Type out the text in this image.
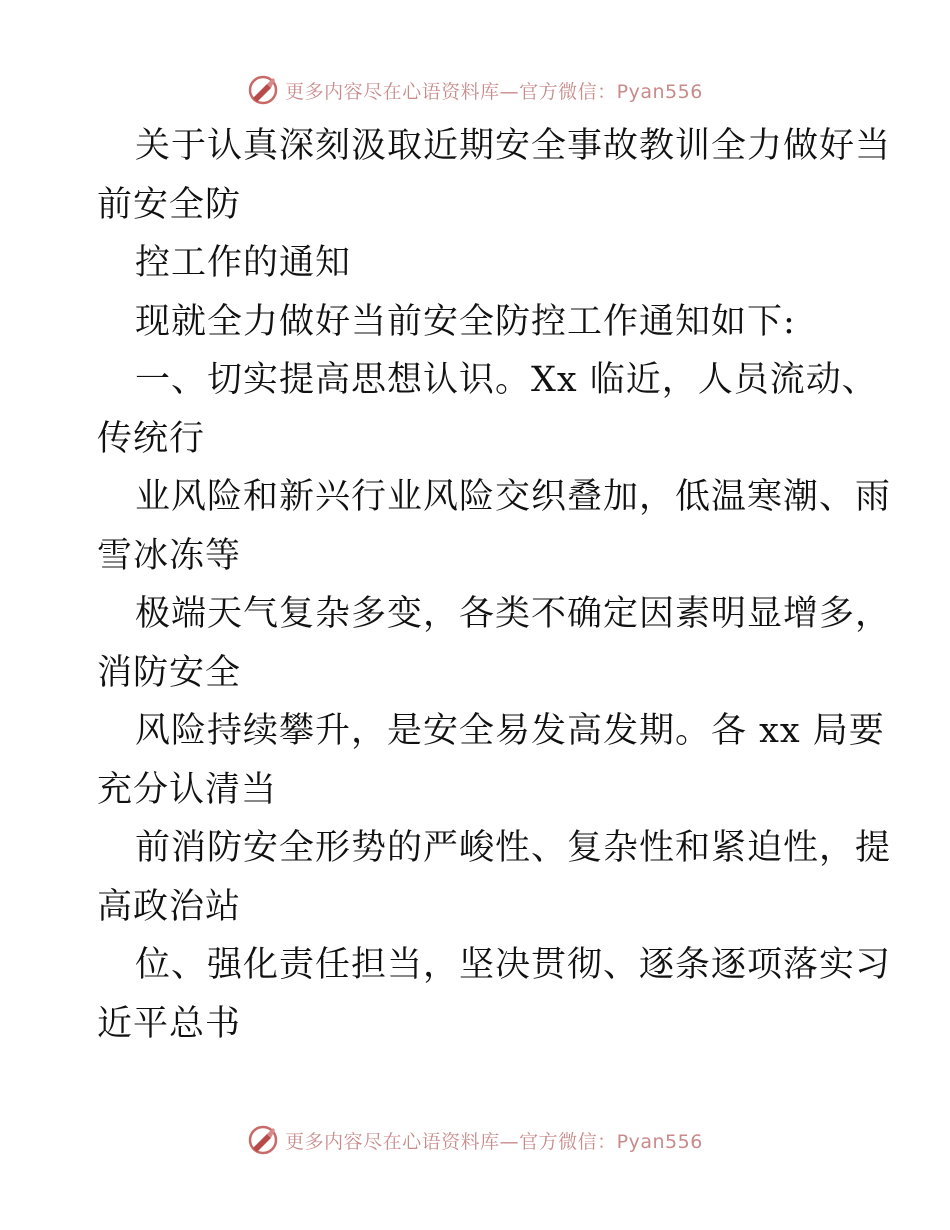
更多内容尽在心语资料库—官方微信：Pyan556
关于认真深刻汲取近期安全事故教训全力做好当
前安全防
控工作的通知
现就全力做好当前安全防控工作通知如下:
一、切实提高思想认识。Xx 临近，人员流动、
传统行
业风险和新兴行业风险交织叠加，低温寒潮、雨
雪冰冻等
极端天气复杂多变，各类不确定因素明显增多，
消防安全
风险持续攀升，是安全易发高发期。各 xx 局要
充分认清当
前消防安全形势的严峻性、复杂性和紧迫性，提
高政治站
位、强化责任担当，坚决贯彻、逐条逐项落实习
近平总书
更多内容尽在心语资料库—官方微信：Pyan556
